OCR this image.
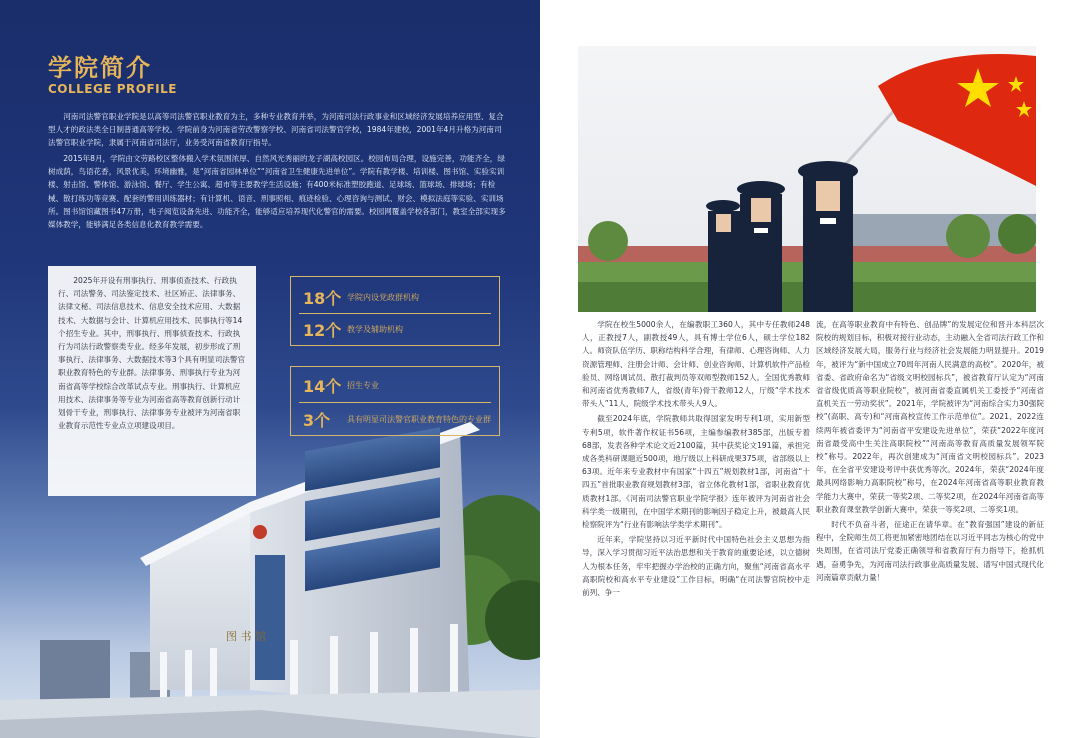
学院简介
COLLEGE PROFILE

河南司法警官职业学院是以高等司法警官职业教育为主，多种专业教育并举，为河南司法行政事业和区域经济发展培养应用型、复合型人才的政法类全日制普通高等学校。学院前身为河南省劳改警察学校、河南省司法警官学校，1984年建校，2001年4月升格为河南司法警官职业学院，隶属于河南省司法厅，业务受河南省教育厅指导。

2015年8月，学院由文劳路校区整体搬入学术氛围浓厚、自然风光秀丽的龙子湖高校园区。校园布局合理，设施完善，功能齐全，绿树成荫，鸟语花香，风景优美，环境幽雅，是“河南省园林单位”“河南省卫生健康先进单位”。学院有教学楼、培训楼、图书馆、实验实训楼、射击馆、警体馆、游泳馆、餐厅、学生公寓、超市等主要教学生活设施；有400米标准塑胶跑道、足球场、篮球场、排球场；有检械、散打练功等竞赛、配套的警用训练器材；有计算机、语音、刑事照相、痕迹检验、心理咨询与测试、财会、模拟法庭等实验、实训场所。图书馆馆藏图书47万册，电子阅览设备先进、功能齐全，能够适应培养现代化警官的需要。校园网覆盖学校各部门，教室全部实现多媒体教学，能够满足各类信息化教育教学需要。

图 书 馆

2025年开设有刑事执行、刑事侦查技术、行政执行、司法警务、司法鉴定技术、社区矫正、法律事务、法律文秘、司法信息技术、信息安全技术应用、大数据技术、大数据与会计、计算机应用技术、民事执行等14个招生专业。其中，刑事执行、刑事侦查技术、行政执行为司法行政警察类专业。经多年发展，初步形成了刑事执行、法律事务、大数据技术等3个具有明显司法警官职业教育特色的专业群。法律事务、刑事执行专业为河南省高等学校综合改革试点专业。刑事执行、计算机应用技术、法律事务等专业为河南省高等教育创新行动计划骨干专业，刑事执行、法律事务专业被评为河南省职业教育示范性专业点立项建设项目。

18个 学院内设党政群机构
12个 教学及辅助机构
14个 招生专业
3个	具有明显司法警官职业教育特色的专业群

学院在校生5000余人，在编教职工360人，其中专任教师248人，正教授7人，副教授49人，具有博士学位6人，硕士学位182人。师资队伍学历、职称结构科学合理，有律师、心理咨询师、人力资源管理师、注册会计师、会计师、创业咨询师、计算机软件产品检验员、网络调试员、散打裁判员等双师型教师152人。全国优秀教师和河南省优秀教师7人，省级(青年)骨干教师12人，厅级“学术技术带头人”11人，院级学术技术带头人9人。

截至2024年底，学院教师共取得国家发明专利1项，实用新型专利5项，软件著作权证书56项，主编参编教材385部，出版专着68部，发表各种学术论文近2100篇，其中获奖论文191篇，承担完成各类科研课题近500项，地厅级以上科研成果375项，省部级以上63项。近年来专业教材中有国家“十四五”规划教材1部，河南省“十四五”首批职业教育规划教材3部，省立体化教材1部，省职业教育优质教材1部。《河南司法警官职业学院学报》连年被评为河南省社会科学类一级期刊，在中国学术期刊的影响因子稳定上升，被最高人民检察院评为“行业有影响法学类学术期刊”。

近年来，学院坚持以习近平新时代中国特色社会主义思想为指导，深入学习贯彻习近平法治思想和关于教育的重要论述，以立德树人为根本任务，牢牢把握办学治校的正确方向，聚焦“河南省高水平高职院校和高水平专业建设”工作目标，明确“在司法警官院校中走前列、争一

流，在高等职业教育中有特色、创品牌”的发展定位和晋升本科层次院校的规划目标，积极对接行业动态，主动融入全省司法行政工作和区域经济发展大局，服务行业与经济社会发展能力明显提升。2019年，被评为“新中国成立70周年河南人民满意的高校”。2020年，被省委、省政府命名为“省级文明校园标兵”，被省教育厅认定为“河南省省级优质高等职业院校”，被河南省委直属机关工委授予“河南省直机关五一劳动奖状”。2021年，学院被评为“河南综合实力30强院校”(高职、高专)和“河南高校宣传工作示范单位”。2021、2022连续两年被省委评为“河南省平安建设先进单位”，荣获“2022年度河南省最受高中生关注高职院校”“河南高等教育高质量发展领军院校”称号。2022年，再次创建成为“河南省文明校园标兵”。2023年，在全省平安建设考评中获优秀等次。2024年，荣获“2024年度最具网络影响力高职院校”称号，在2024年河南省高等职业教育教学能力大赛中，荣获一等奖2项、二等奖2项，在2024年河南省高等职业教育课堂教学创新大赛中，荣获一等奖2项、二等奖1项。

时代不负奋斗者，征途正在请华章。在“教育强国”建设的新征程中，全院师生员工将更加紧密地团结在以习近平同志为核心的党中央周围，在省司法厅党委正确领导和省教育厅有力指导下，抢抓机遇，奋勇争先，为河南司法行政事业高质量发展、谱写中国式现代化河南篇章贡献力量！
